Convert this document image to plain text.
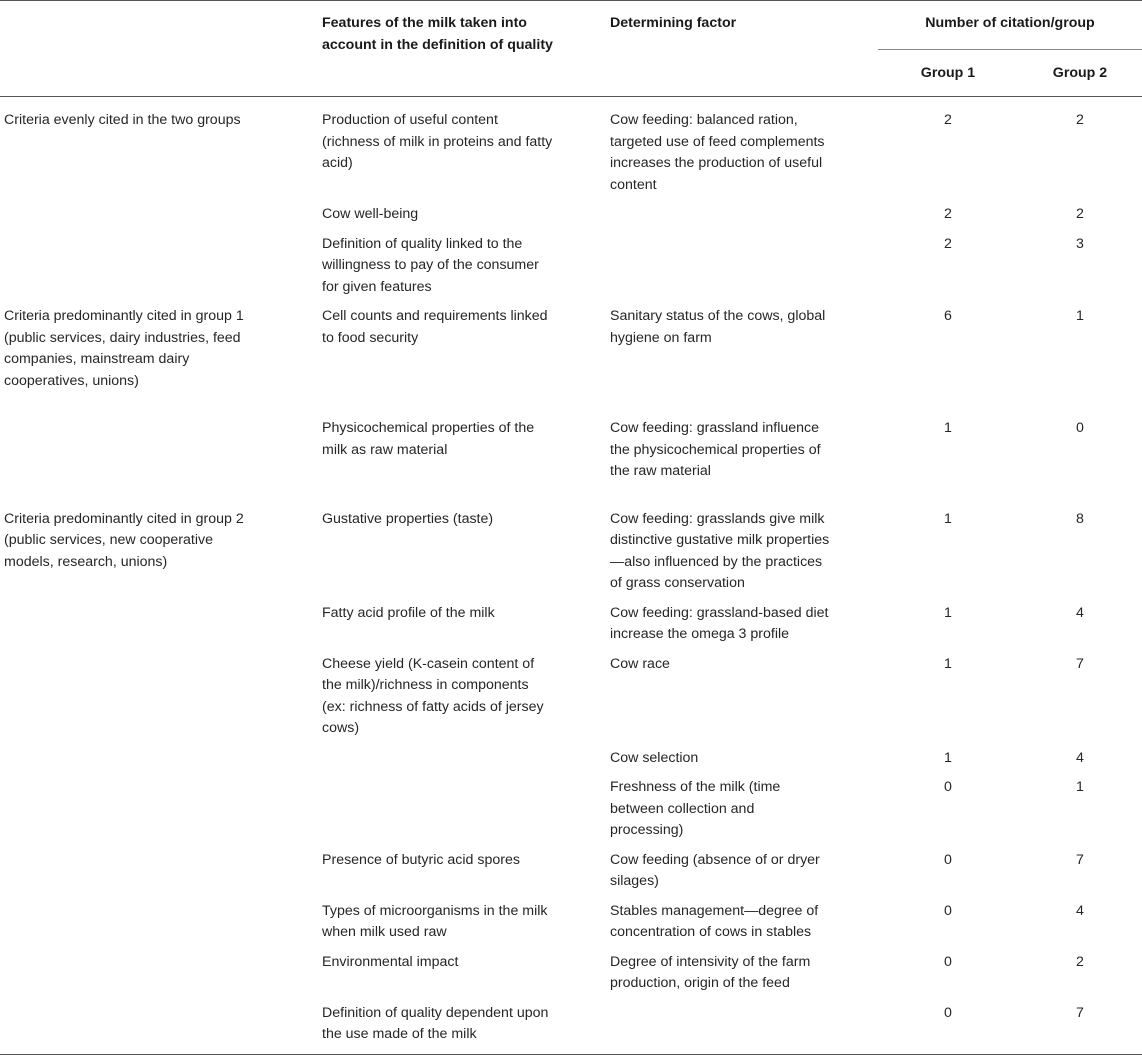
	Features of the milk taken into account in the definition of quality	Determining factor	Number of citation/group	
			Group 1	Group 2
Criteria evenly cited in the two groups	Production of useful content (richness of milk in proteins and fatty acid)	Cow feeding: balanced ration, targeted use of feed complements increases the production of useful content	2	2
	Cow well-being		2	2
	Definition of quality linked to the willingness to pay of the consumer for given features		2	3
Criteria predominantly cited in group 1 (public services, dairy industries, feed companies, mainstream dairy cooperatives, unions)	Cell counts and requirements linked to food security	Sanitary status of the cows, global hygiene on farm	6	1
	Physicochemical properties of the milk as raw material	Cow feeding: grassland influence the physicochemical properties of the raw material	1	0
Criteria predominantly cited in group 2 (public services, new cooperative models, research, unions)	Gustative properties (taste)	Cow feeding: grasslands give milk distinctive gustative milk properties—also influenced by the practices of grass conservation	1	8
	Fatty acid profile of the milk	Cow feeding: grassland-based diet increase the omega 3 profile	1	4
	Cheese yield (K-casein content of the milk)/richness in components (ex: richness of fatty acids of jersey cows)	Cow race	1	7
		Cow selection	1	4
		Freshness of the milk (time between collection and processing)	0	1
	Presence of butyric acid spores	Cow feeding (absence of or dryer silages)	0	7
	Types of microorganisms in the milk when milk used raw	Stables management—degree of concentration of cows in stables	0	4
	Environmental impact	Degree of intensivity of the farm production, origin of the feed	0	2
	Definition of quality dependent upon the use made of the milk		0	7
